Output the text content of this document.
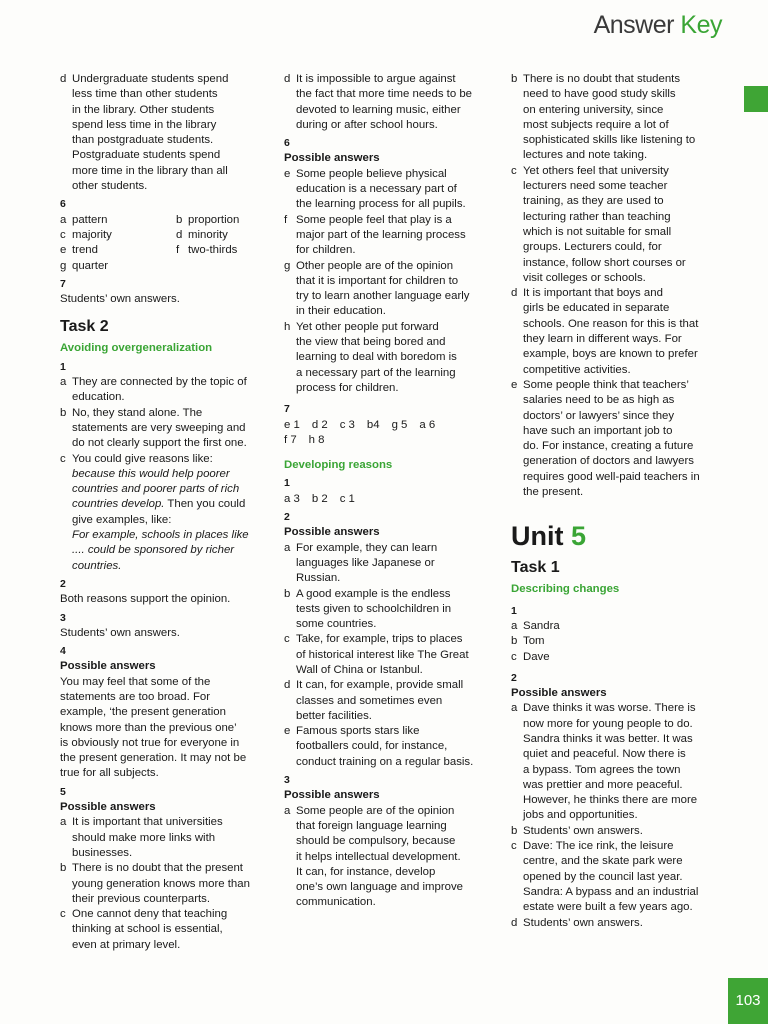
Answer Key
d Undergraduate students spend
less time than other students
in the library. Other students
spend less time in the library
than postgraduate students.
Postgraduate students spend
more time in the library than all
other students.
6
a pattern	b proportion
c majority	d minority
e trend	f two-thirds
g quarter
7
Students’ own answers.
Task 2
Avoiding overgeneralization
1
a They are connected by the topic of
education.
b No, they stand alone. The
statements are very sweeping and
do not clearly support the first one.
c You could give reasons like:
because this would help poorer
countries and poorer parts of rich
countries develop. Then you could
give examples, like:
For example, schools in places like
.... could be sponsored by richer
countries.
2
Both reasons support the opinion.
3
Students’ own answers.
4
Possible answers
You may feel that some of the
statements are too broad. For
example, ‘the present generation
knows more than the previous one’
is obviously not true for everyone in
the present generation. It may not be
true for all subjects.
5
Possible answers
a It is important that universities
should make more links with
businesses.
b There is no doubt that the present
young generation knows more than
their previous counterparts.
c One cannot deny that teaching
thinking at school is essential,
even at primary level.
d It is impossible to argue against
the fact that more time needs to be
devoted to learning music, either
during or after school hours.
6
Possible answers
e Some people believe physical
education is a necessary part of
the learning process for all pupils.
f Some people feel that play is a
major part of the learning process
for children.
g Other people are of the opinion
that it is important for children to
try to learn another language early
in their education.
h Yet other people put forward
the view that being bored and
learning to deal with boredom is
a necessary part of the learning
process for children.
7
e 1 d 2 c 3 b4 g 5 a 6
f 7 h 8
Developing reasons
1
a 3 b 2 c 1
2
Possible answers
a For example, they can learn
languages like Japanese or
Russian.
b A good example is the endless
tests given to schoolchildren in
some countries.
c Take, for example, trips to places
of historical interest like The Great
Wall of China or Istanbul.
d It can, for example, provide small
classes and sometimes even
better facilities.
e Famous sports stars like
footballers could, for instance,
conduct training on a regular basis.
3
Possible answers
a Some people are of the opinion
that foreign language learning
should be compulsory, because
it helps intellectual development.
It can, for instance, develop
one’s own language and improve
communication.
b There is no doubt that students
need to have good study skills
on entering university, since
most subjects require a lot of
sophisticated skills like listening to
lectures and note taking.
c Yet others feel that university
lecturers need some teacher
training, as they are used to
lecturing rather than teaching
which is not suitable for small
groups. Lecturers could, for
instance, follow short courses or
visit colleges or schools.
d It is important that boys and
girls be educated in separate
schools. One reason for this is that
they learn in different ways. For
example, boys are known to prefer
competitive activities.
e Some people think that teachers’
salaries need to be as high as
doctors’ or lawyers’ since they
have such an important job to
do. For instance, creating a future
generation of doctors and lawyers
requires good well-paid teachers in
the present.
Unit 5
Task 1
Describing changes
1
a Sandra
b Tom
c Dave
2
Possible answers
a Dave thinks it was worse. There is
now more for young people to do.
Sandra thinks it was better. It was
quiet and peaceful. Now there is
a bypass. Tom agrees the town
was prettier and more peaceful.
However, he thinks there are more
jobs and opportunities.
b Students’ own answers.
c Dave: The ice rink, the leisure
centre, and the skate park were
opened by the council last year.
Sandra: A bypass and an industrial
estate were built a few years ago.
d Students’ own answers.
103
